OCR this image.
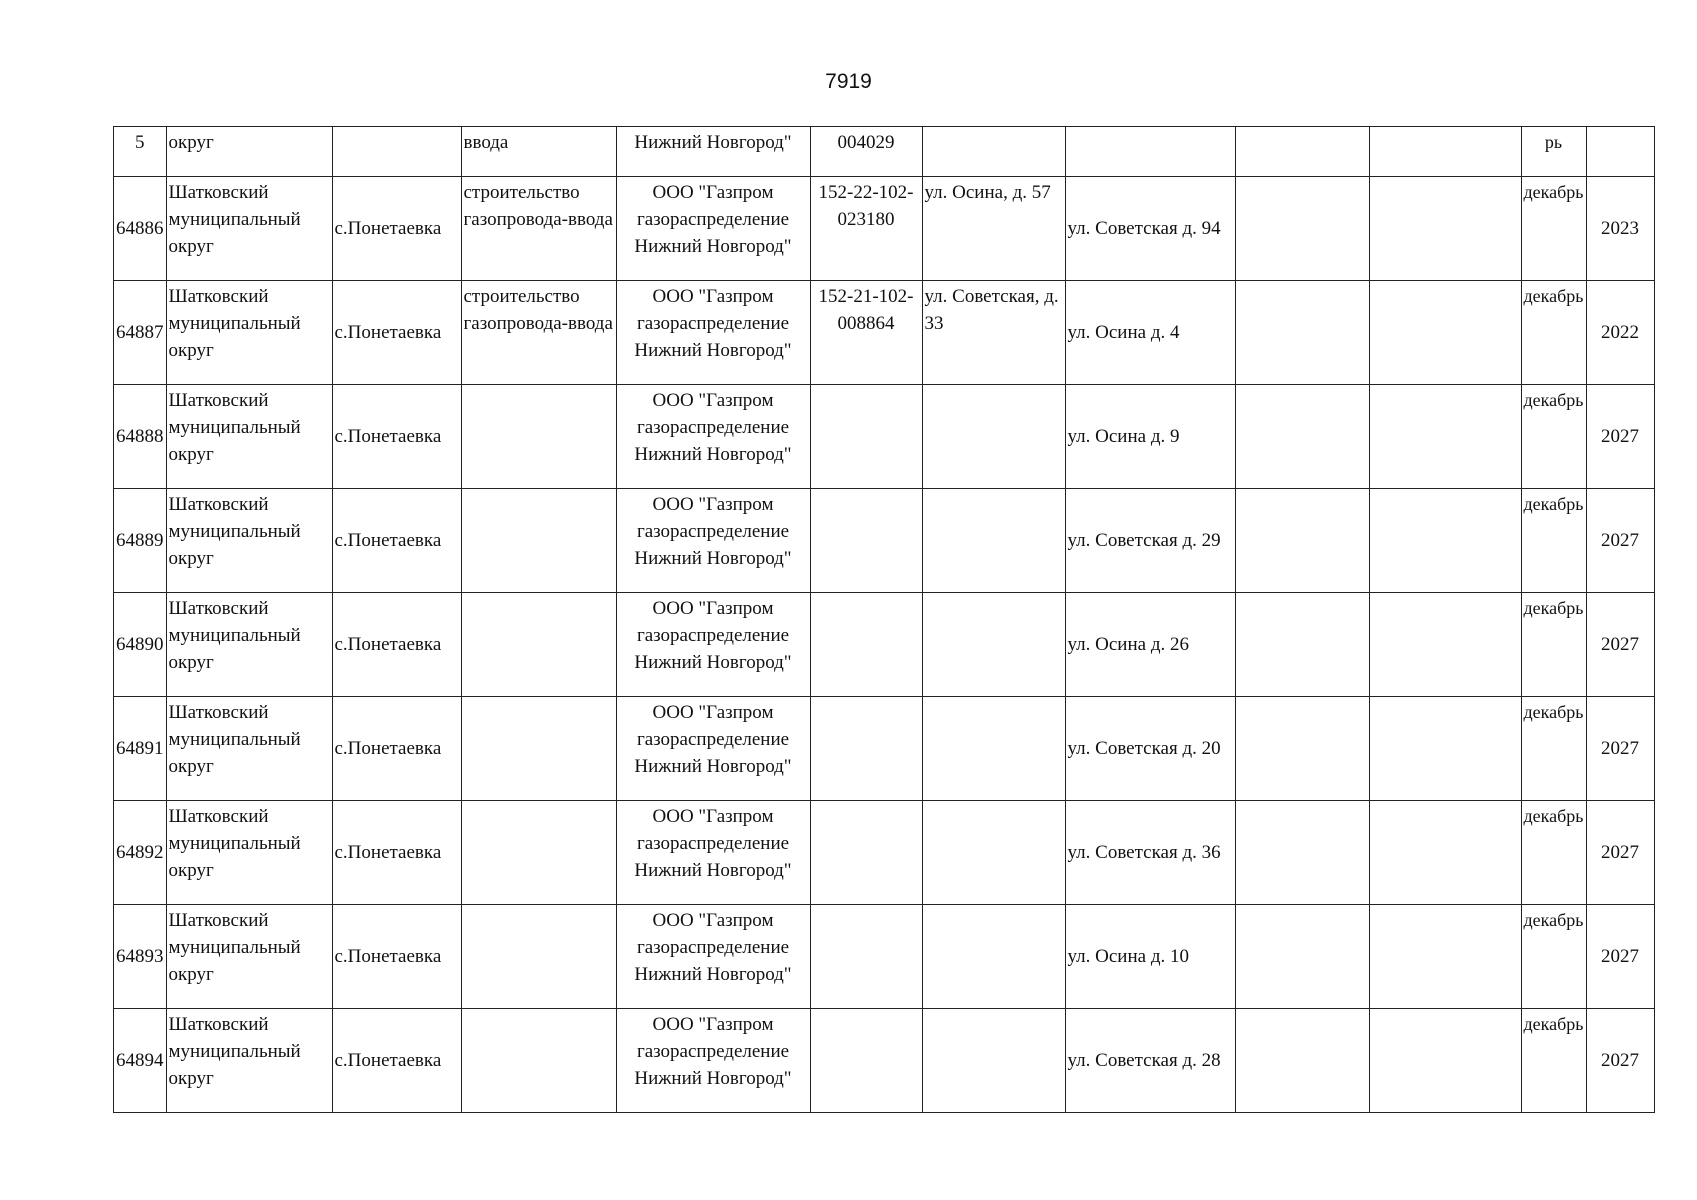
7919
5	округ		ввода	Нижний Новгород"	004029					рь	
64886	Шатковский муниципальный округ	с.Понетаевка	строительство газопровода-ввода	ООО "Газпром газораспределение Нижний Новгород"	152-22-102-023180	ул. Осина, д. 57	ул. Советская д. 94			декабрь	2023
64887	Шатковский муниципальный округ	с.Понетаевка	строительство газопровода-ввода	ООО "Газпром газораспределение Нижний Новгород"	152-21-102-008864	ул. Советская, д. 33	ул. Осина д. 4			декабрь	2022
64888	Шатковский муниципальный округ	с.Понетаевка		ООО "Газпром газораспределение Нижний Новгород"			ул. Осина д. 9			декабрь	2027
64889	Шатковский муниципальный округ	с.Понетаевка		ООО "Газпром газораспределение Нижний Новгород"			ул. Советская д. 29			декабрь	2027
64890	Шатковский муниципальный округ	с.Понетаевка		ООО "Газпром газораспределение Нижний Новгород"			ул. Осина д. 26			декабрь	2027
64891	Шатковский муниципальный округ	с.Понетаевка		ООО "Газпром газораспределение Нижний Новгород"			ул. Советская д. 20			декабрь	2027
64892	Шатковский муниципальный округ	с.Понетаевка		ООО "Газпром газораспределение Нижний Новгород"			ул. Советская д. 36			декабрь	2027
64893	Шатковский муниципальный округ	с.Понетаевка		ООО "Газпром газораспределение Нижний Новгород"			ул. Осина д. 10			декабрь	2027
64894	Шатковский муниципальный округ	с.Понетаевка		ООО "Газпром газораспределение Нижний Новгород"			ул. Советская д. 28			декабрь	2027
